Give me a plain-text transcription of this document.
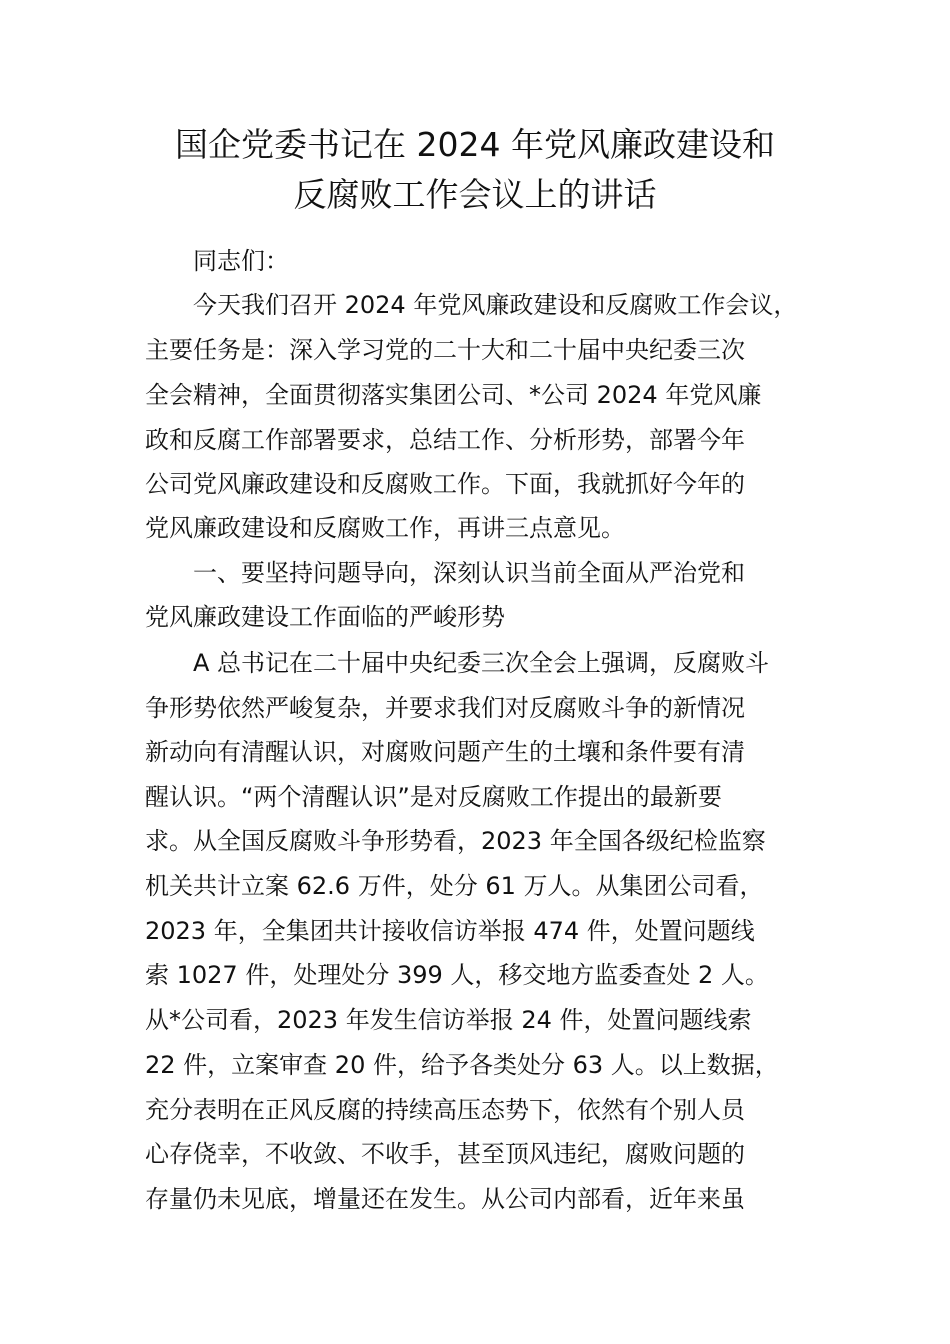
国企党委书记在 2024 年党风廉政建设和
反腐败工作会议上的讲话
同志们：
今天我们召开 2024 年党风廉政建设和反腐败工作会议，
主要任务是：深入学习党的二十大和二十届中央纪委三次
全会精神，全面贯彻落实集团公司、*公司 2024 年党风廉
政和反腐工作部署要求，总结工作、分析形势，部署今年
公司党风廉政建设和反腐败工作。下面，我就抓好今年的
党风廉政建设和反腐败工作，再讲三点意见。
一、要坚持问题导向，深刻认识当前全面从严治党和
党风廉政建设工作面临的严峻形势
A 总书记在二十届中央纪委三次全会上强调，反腐败斗
争形势依然严峻复杂，并要求我们对反腐败斗争的新情况
新动向有清醒认识，对腐败问题产生的土壤和条件要有清
醒认识。“两个清醒认识”是对反腐败工作提出的最新要
求。从全国反腐败斗争形势看，2023 年全国各级纪检监察
机关共计立案 62.6 万件，处分 61 万人。从集团公司看，
2023 年，全集团共计接收信访举报 474 件，处置问题线
索 1027 件，处理处分 399 人，移交地方监委查处 2 人。
从*公司看，2023 年发生信访举报 24 件，处置问题线索
22 件，立案审查 20 件，给予各类处分 63 人。以上数据，
充分表明在正风反腐的持续高压态势下，依然有个别人员
心存侥幸，不收敛、不收手，甚至顶风违纪，腐败问题的
存量仍未见底，增量还在发生。从公司内部看，近年来虽
